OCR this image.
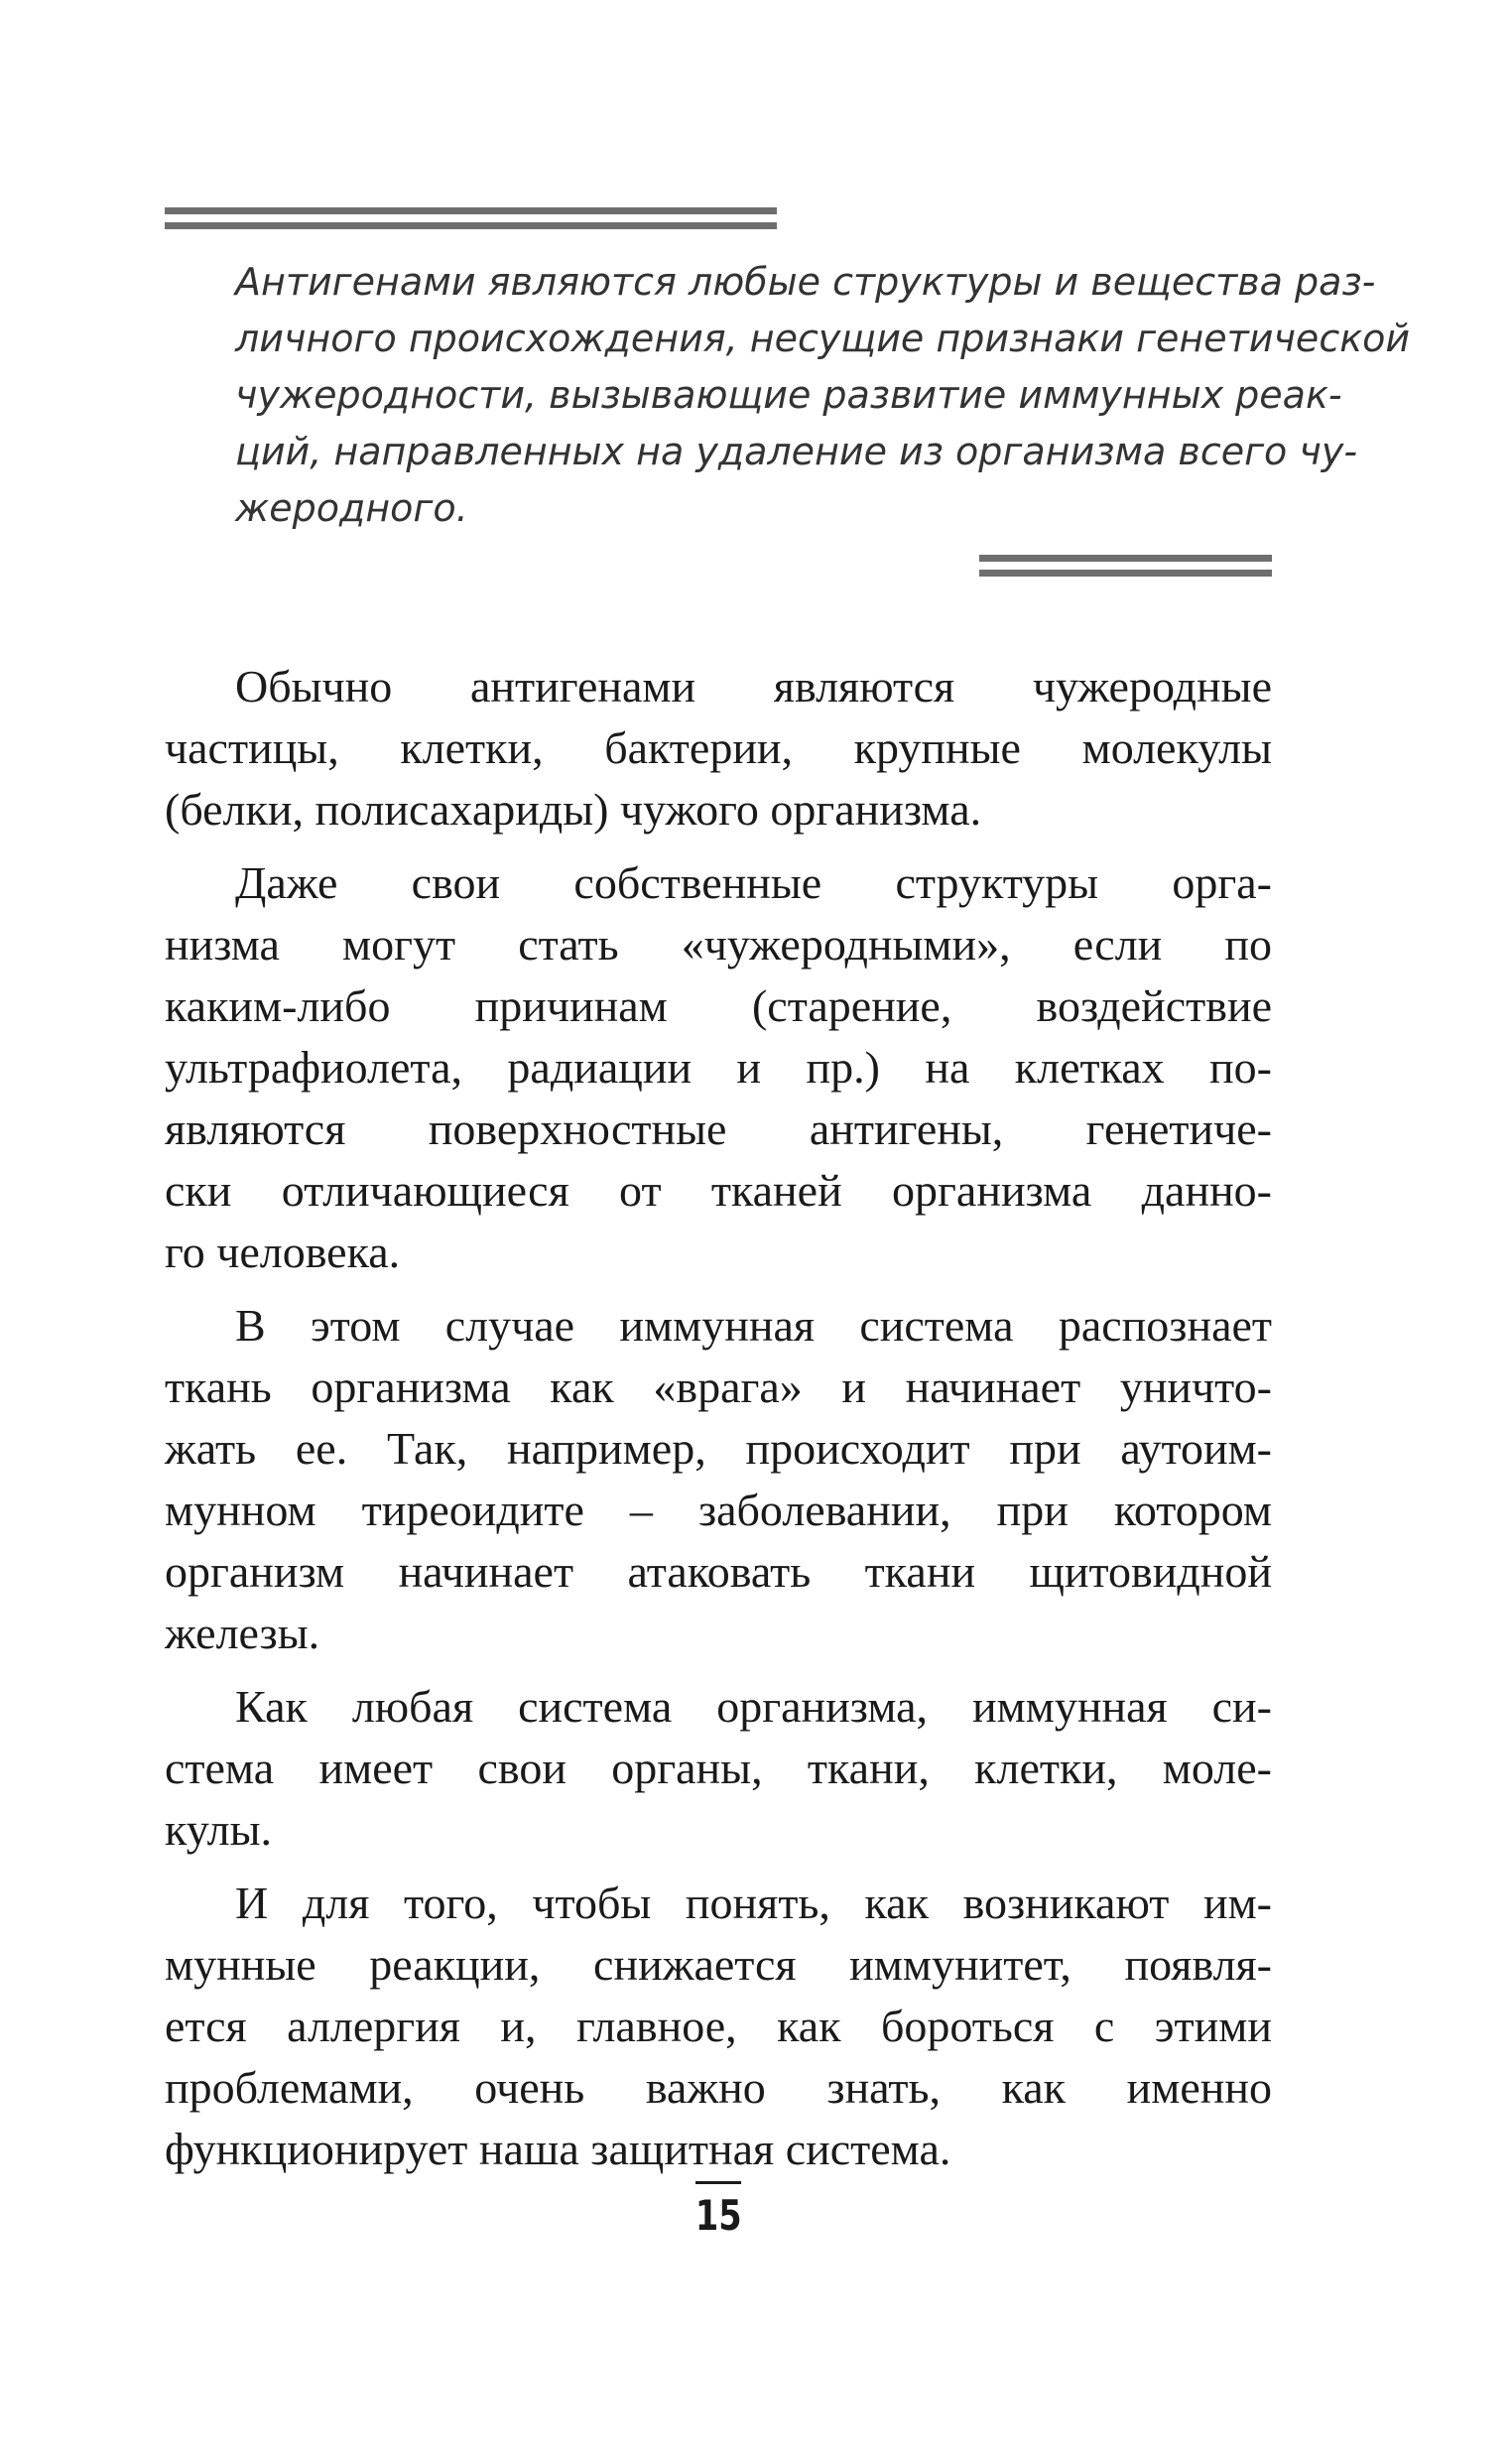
Антигенами являются любые структуры и вещества раз-
личного происхождения, несущие признаки генетической
чужеродности, вызывающие развитие иммунных реак-
ций, направленных на удаление из организма всего чу-
жеродного.
Обычно антигенами являются чужеродные
частицы, клетки, бактерии, крупные молекулы
(белки, полисахариды) чужого организма.
Даже свои собственные структуры орга-
низма могут стать «чужеродными», если по
каким-либо причинам (старение, воздействие
ультрафиолета, радиации и пр.) на клетках по-
являются поверхностные антигены, генетиче-
ски отличающиеся от тканей организма данно-
го человека.
В этом случае иммунная система распознает
ткань организма как «врага» и начинает уничто-
жать ее. Так, например, происходит при аутоим-
мунном тиреоидите – заболевании, при котором
организм начинает атаковать ткани щитовидной
железы.
Как любая система организма, иммунная си-
стема имеет свои органы, ткани, клетки, моле-
кулы.
И для того, чтобы понять, как возникают им-
мунные реакции, снижается иммунитет, появля-
ется аллергия и, главное, как бороться с этими
проблемами, очень важно знать, как именно
функционирует наша защитная система.
15
